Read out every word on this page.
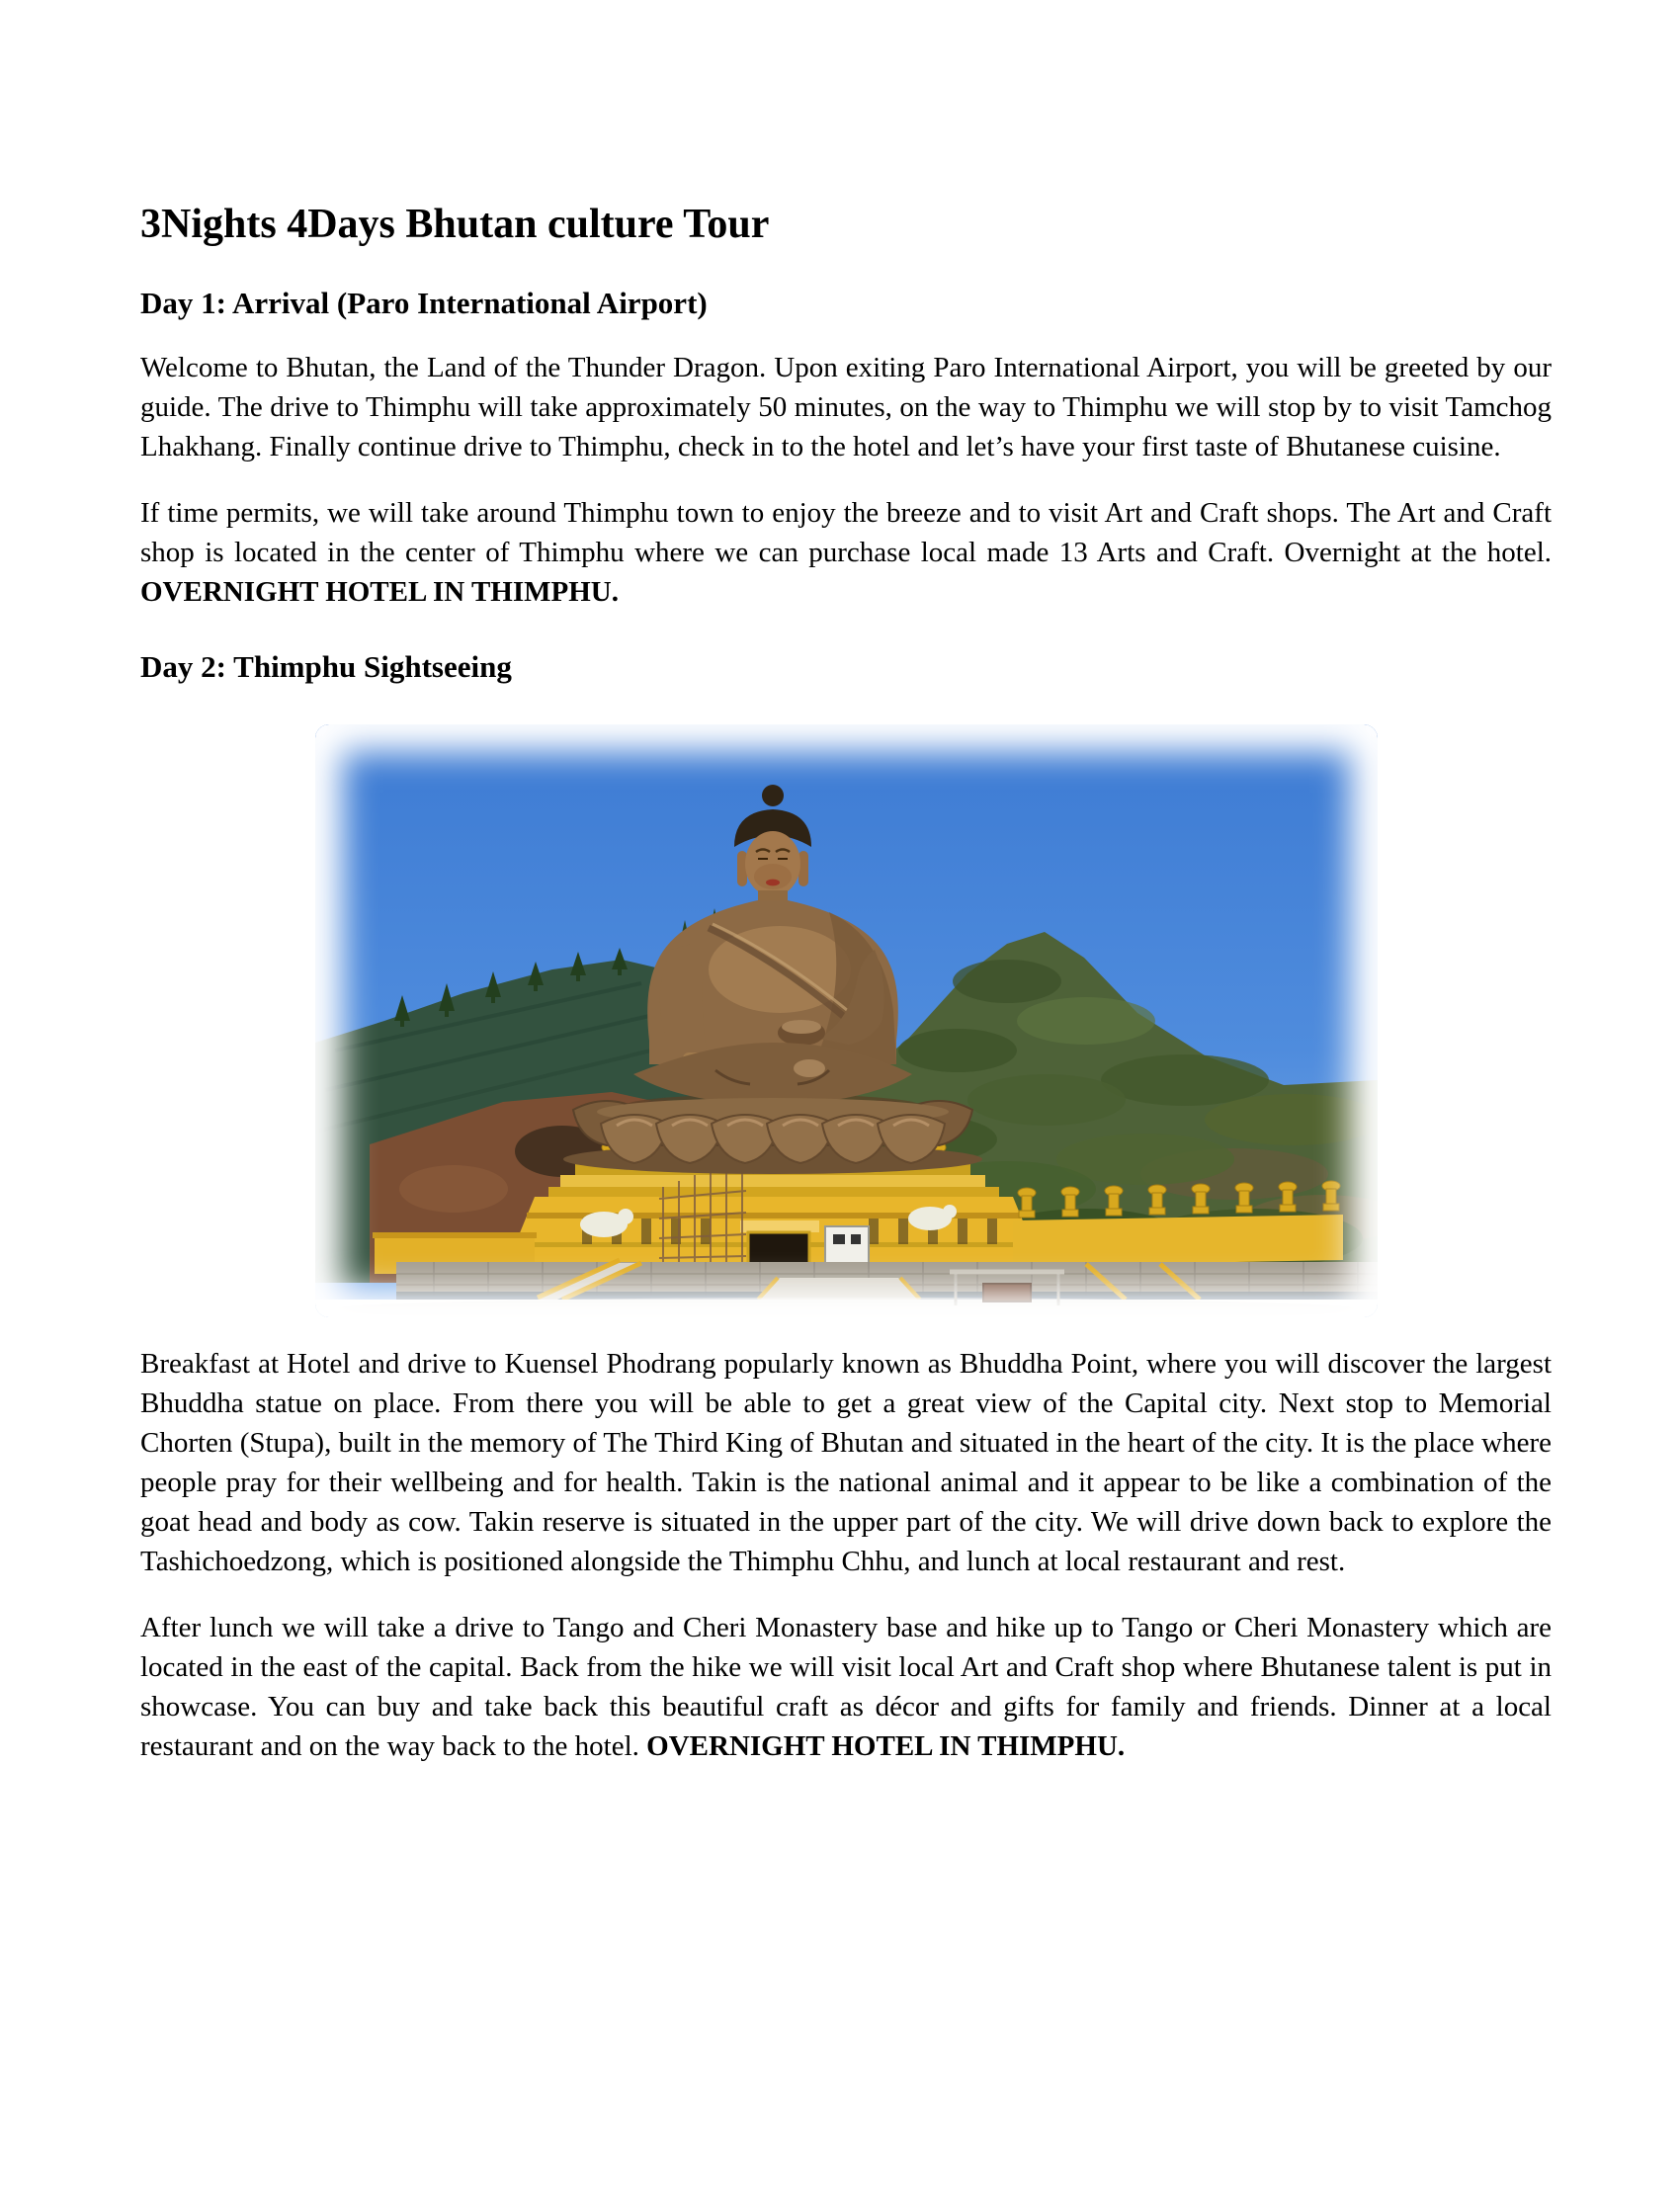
3Nights 4Days Bhutan culture Tour
Day 1: Arrival (Paro International Airport)

Welcome to Bhutan, the Land of the Thunder Dragon. Upon exiting Paro International Airport, you will be greeted by our guide. The drive to Thimphu will take approximately 50 minutes, on the way to Thimphu we will stop by to visit Tamchog Lhakhang. Finally continue drive to Thimphu, check in to the hotel and let’s have your first taste of Bhutanese cuisine.

If time permits, we will take around Thimphu town to enjoy the breeze and to visit Art and Craft shops. The Art and Craft shop is located in the center of Thimphu where we can purchase local made 13 Arts and Craft. Overnight at the hotel. OVERNIGHT HOTEL IN THIMPHU.

Day 2: Thimphu Sightseeing

Breakfast at Hotel and drive to Kuensel Phodrang popularly known as Bhuddha Point, where you will discover the largest Bhuddha statue on place. From there you will be able to get a great view of the Capital city. Next stop to Memorial Chorten (Stupa), built in the memory of The Third King of Bhutan and situated in the heart of the city. It is the place where people pray for their wellbeing and for health. Takin is the national animal and it appear to be like a combination of the goat head and body as cow. Takin reserve is situated in the upper part of the city. We will drive down back to explore the Tashichoedzong, which is positioned alongside the Thimphu Chhu, and lunch at local restaurant and rest.

After lunch we will take a drive to Tango and Cheri Monastery base and hike up to Tango or Cheri Monastery which are located in the east of the capital. Back from the hike we will visit local Art and Craft shop where Bhutanese talent is put in showcase. You can buy and take back this beautiful craft as décor and gifts for family and friends. Dinner at a local restaurant and on the way back to the hotel. OVERNIGHT HOTEL IN THIMPHU.
